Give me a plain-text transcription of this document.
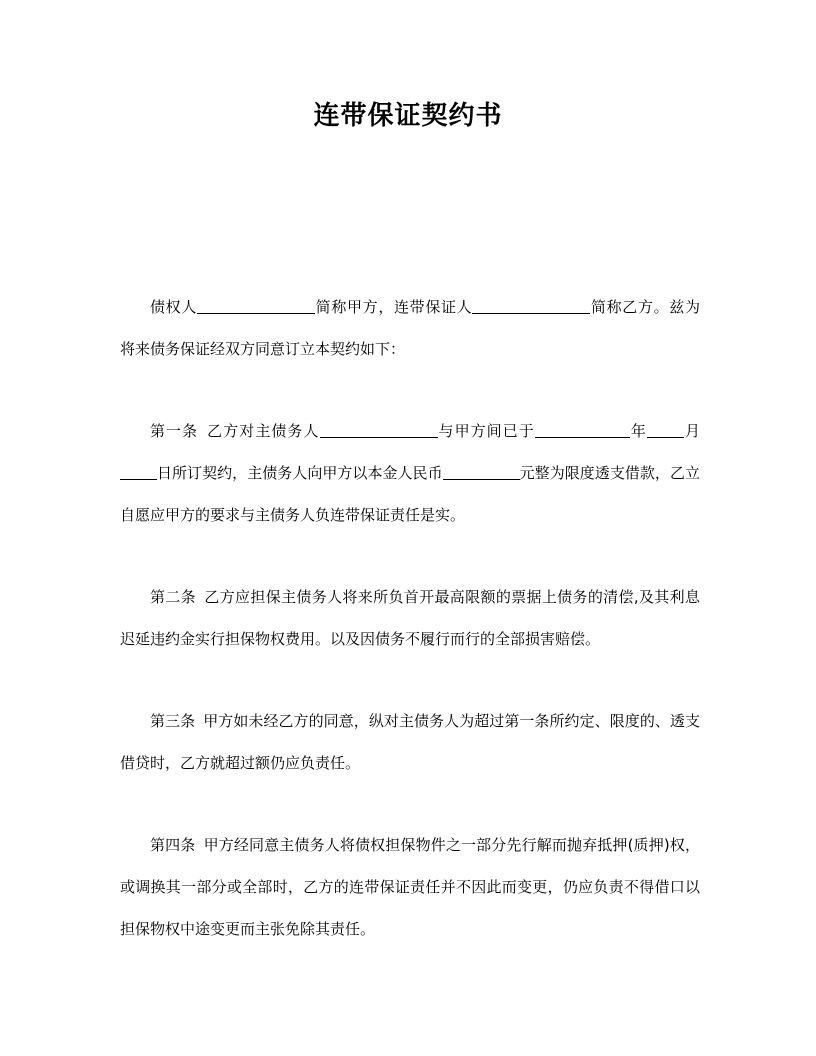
连带保证契约书
债权人	简称甲方，连带保证人	简称乙方。兹为将来债务保证经双方同意订立本契约如下：
第一条 乙方对主债务人	与甲方间已于	年 月日所订契约，主债务人向甲方以本金人民币	元整为限度透支借款，乙立自愿应甲方的要求与主债务人负连带保证责任是实。
第二条 乙方应担保主债务人将来所负首开最高限额的票据上债务的清偿,及其利息迟延违约金实行担保物权费用。以及因债务不履行而行的全部损害赔偿。
第三条 甲方如未经乙方的同意，纵对主债务人为超过第一条所约定、限度的、透支借贷时，乙方就超过额仍应负责任。
第四条 甲方经同意主债务人将债权担保物件之一部分先行解而抛弃抵押(质押)权，或调换其一部分或全部时，乙方的连带保证责任并不因此而变更，仍应负责不得借口以担保物权中途变更而主张免除其责任。
